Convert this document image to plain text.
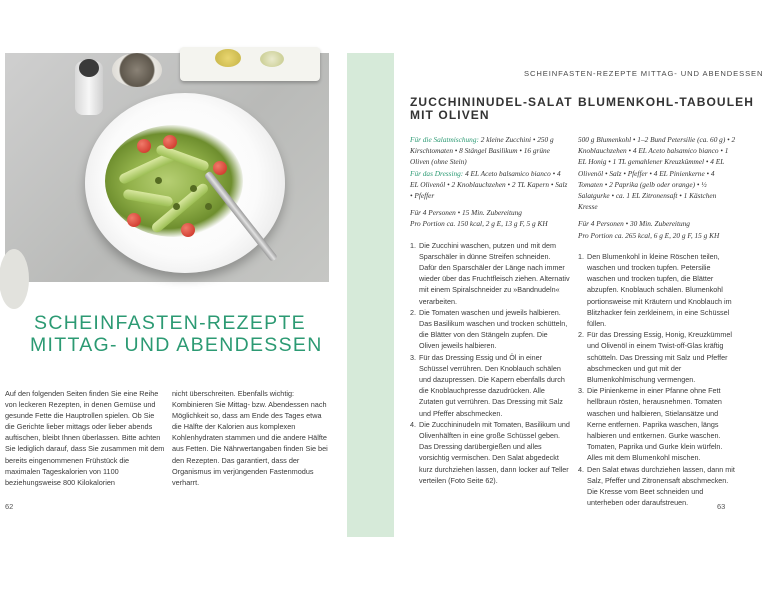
SCHEINFASTEN-REZEPTE
MITTAG- UND ABENDESSEN
Auf den folgenden Seiten finden Sie eine Reihe von leckeren Rezepten, in denen Gemüse und gesunde Fette die Hauptrollen spielen. Ob Sie die Gerichte lieber mittags oder lieber abends auftischen, bleibt Ihnen überlassen. Bitte achten Sie lediglich darauf, dass Sie zusammen mit dem bereits eingenommenen Frühstück die maximalen Tageskalorien von 1100 beziehungsweise 800 Kilokalorien
nicht überschreiten. Ebenfalls wichtig: Kombinieren Sie Mittag- bzw. Abendessen nach Möglichkeit so, dass am Ende des Tages etwa die Hälfte der Kalorien aus komplexen Kohlenhydraten stammen und die andere Hälfte aus Fetten. Die Nährwertangaben finden Sie bei den Rezepten. Das garantiert, dass der Organismus im verjüngenden Fastenmodus verharrt.
62
SCHEINFASTEN-REZEPTE MITTAG- UND ABENDESSEN
ZUCCHININUDEL-SALAT
MIT OLIVEN

Für die Salatmischung: 2 kleine Zucchini • 250 g Kirschtomaten • 8 Stängel Basilikum • 16 grüne Oliven (ohne Stein)
Für das Dressing: 4 EL Aceto balsamico bianco • 4 EL Olivenöl • 2 Knoblauchzehen • 2 TL Kapern • Salz • Pfeffer

Für 4 Personen • 15 Min. Zubereitung
Pro Portion ca. 150 kcal, 2 g E, 13 g F, 5 g KH
1. Die Zucchini waschen, putzen und mit dem Sparschäler in dünne Streifen schneiden. Dafür den Sparschäler der Länge nach immer wieder über das Fruchtfleisch ziehen. Alternativ mit einem Spiralschneider zu »Bandnudeln« verarbeiten.
2. Die Tomaten waschen und jeweils halbieren. Das Basilikum waschen und trocken schütteln, die Blätter von den Stängeln zupfen. Die Oliven jeweils halbieren.
3. Für das Dressing Essig und Öl in einer Schüssel verrühren. Den Knoblauch schälen und dazupressen. Die Kapern ebenfalls durch die Knoblauchpresse dazudrücken. Alle Zutaten gut verrühren. Das Dressing mit Salz und Pfeffer abschmecken.
4. Die Zucchininudeln mit Tomaten, Basilikum und Olivenhälften in eine große Schüssel geben. Das Dressing darübergießen und alles vorsichtig vermischen. Den Salat abgedeckt kurz durchziehen lassen, dann locker auf Teller verteilen (Foto Seite 62).
BLUMENKOHL-TABOULEH

500 g Blumenkohl • 1–2 Bund Petersilie (ca. 60 g) • 2 Knoblauchzehen • 4 EL Aceto balsamico bianco • 1 EL Honig • 1 TL gemahlener Kreuzkümmel • 4 EL Olivenöl • Salz • Pfeffer • 4 EL Pinienkerne • 4 Tomaten • 2 Paprika (gelb oder orange) • ½ Salatgurke • ca. 1 EL Zitronensaft • 1 Kästchen Kresse

Für 4 Personen • 30 Min. Zubereitung
Pro Portion ca. 265 kcal, 6 g E, 20 g F, 15 g KH
1. Den Blumenkohl in kleine Röschen teilen, waschen und trocken tupfen. Petersilie waschen und trocken tupfen, die Blätter abzupfen. Knoblauch schälen. Blumenkohl portionsweise mit Kräutern und Knoblauch im Blitzhacker fein zerkleinern, in eine Schüssel füllen.
2. Für das Dressing Essig, Honig, Kreuzkümmel und Olivenöl in einem Twist-off-Glas kräftig schütteln. Das Dressing mit Salz und Pfeffer abschmecken und gut mit der Blumenkohlmischung vermengen.
3. Die Pinienkerne in einer Pfanne ohne Fett hellbraun rösten, herausnehmen. Tomaten waschen und halbieren, Stielansätze und Kerne entfernen. Paprika waschen, längs halbieren und entkernen. Gurke waschen. Tomaten, Paprika und Gurke klein würfeln. Alles mit dem Blumenkohl mischen.
4. Den Salat etwas durchziehen lassen, dann mit Salz, Pfeffer und Zitronensaft abschmecken. Die Kresse vom Beet schneiden und unterheben oder daraufstreuen.	63
